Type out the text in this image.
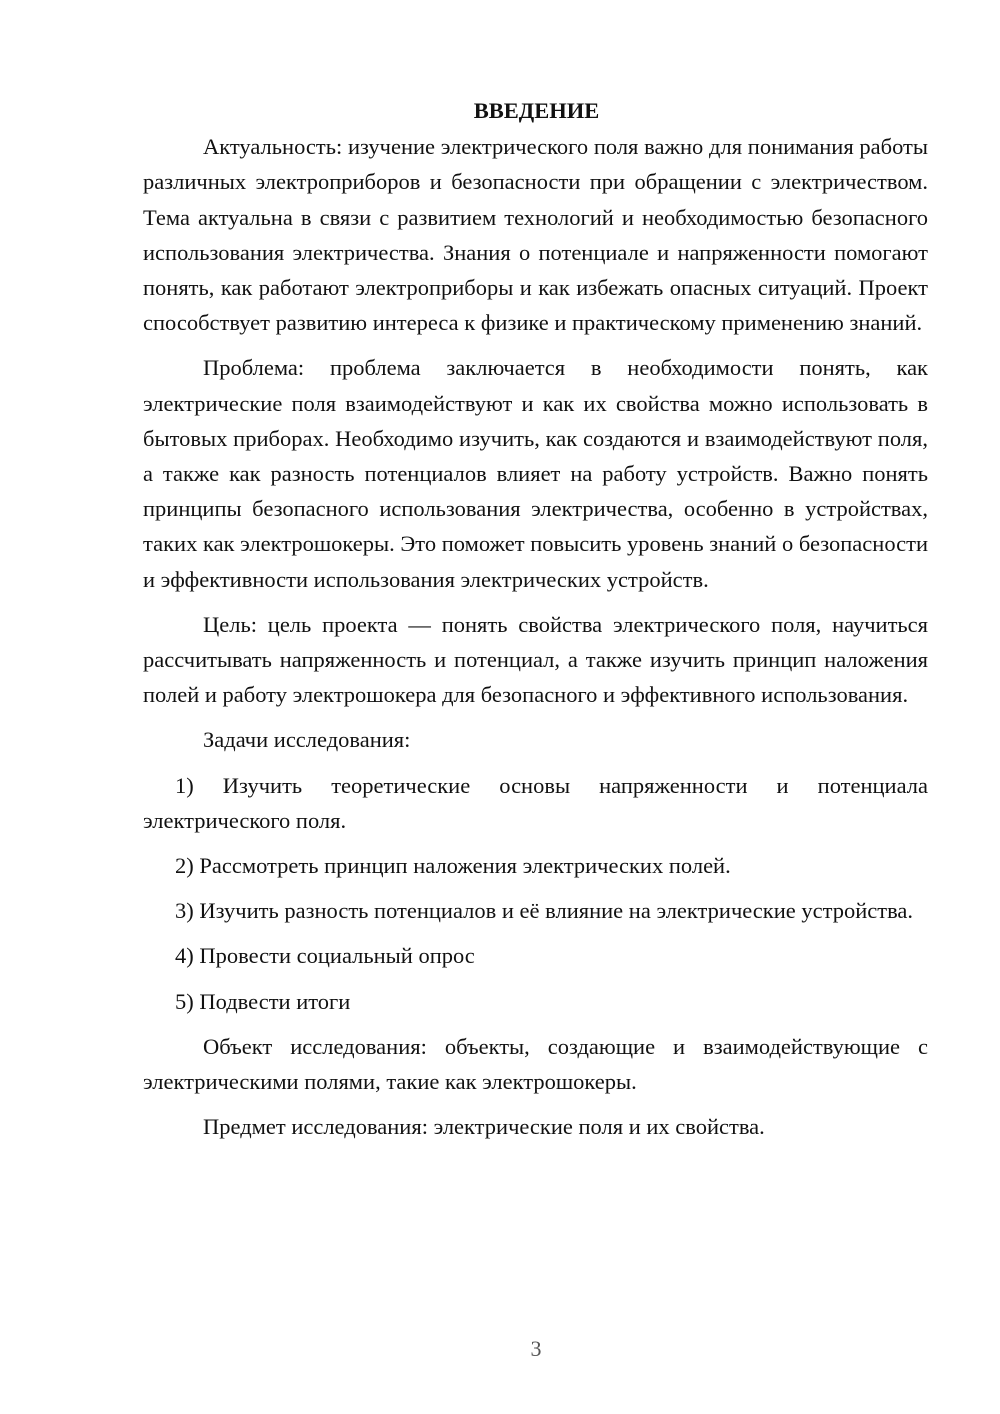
ВВЕДЕНИЕ

Актуальность: изучение электрического поля важно для понимания работы различных электроприборов и безопасности при обращении с электричеством. Тема актуальна в связи с развитием технологий и необходимостью безопасного использования электричества. Знания о потенциале и напряженности помогают понять, как работают электроприборы и как избежать опасных ситуаций. Проект способствует развитию интереса к физике и практическому применению знаний.

Проблема: проблема заключается в необходимости понять, как электрические поля взаимодействуют и как их свойства можно использовать в бытовых приборах. Необходимо изучить, как создаются и взаимодействуют поля, а также как разность потенциалов влияет на работу устройств. Важно понять принципы безопасного использования электричества, особенно в устройствах, таких как электрошокеры. Это поможет повысить уровень знаний о безопасности и эффективности использования электрических устройств.

Цель: цель проекта — понять свойства электрического поля, научиться рассчитывать напряженность и потенциал, а также изучить принцип наложения полей и работу электрошокера для безопасного и эффективного использования.

Задачи исследования:

1) Изучить теоретические основы напряженности и потенциала электрического поля.

2) Рассмотреть принцип наложения электрических полей.

3) Изучить разность потенциалов и её влияние на электрические устройства.

4) Провести социальный опрос

5) Подвести итоги

Объект исследования: объекты, создающие и взаимодействующие с электрическими полями, такие как электрошокеры.

Предмет исследования: электрические поля и их свойства.

3
